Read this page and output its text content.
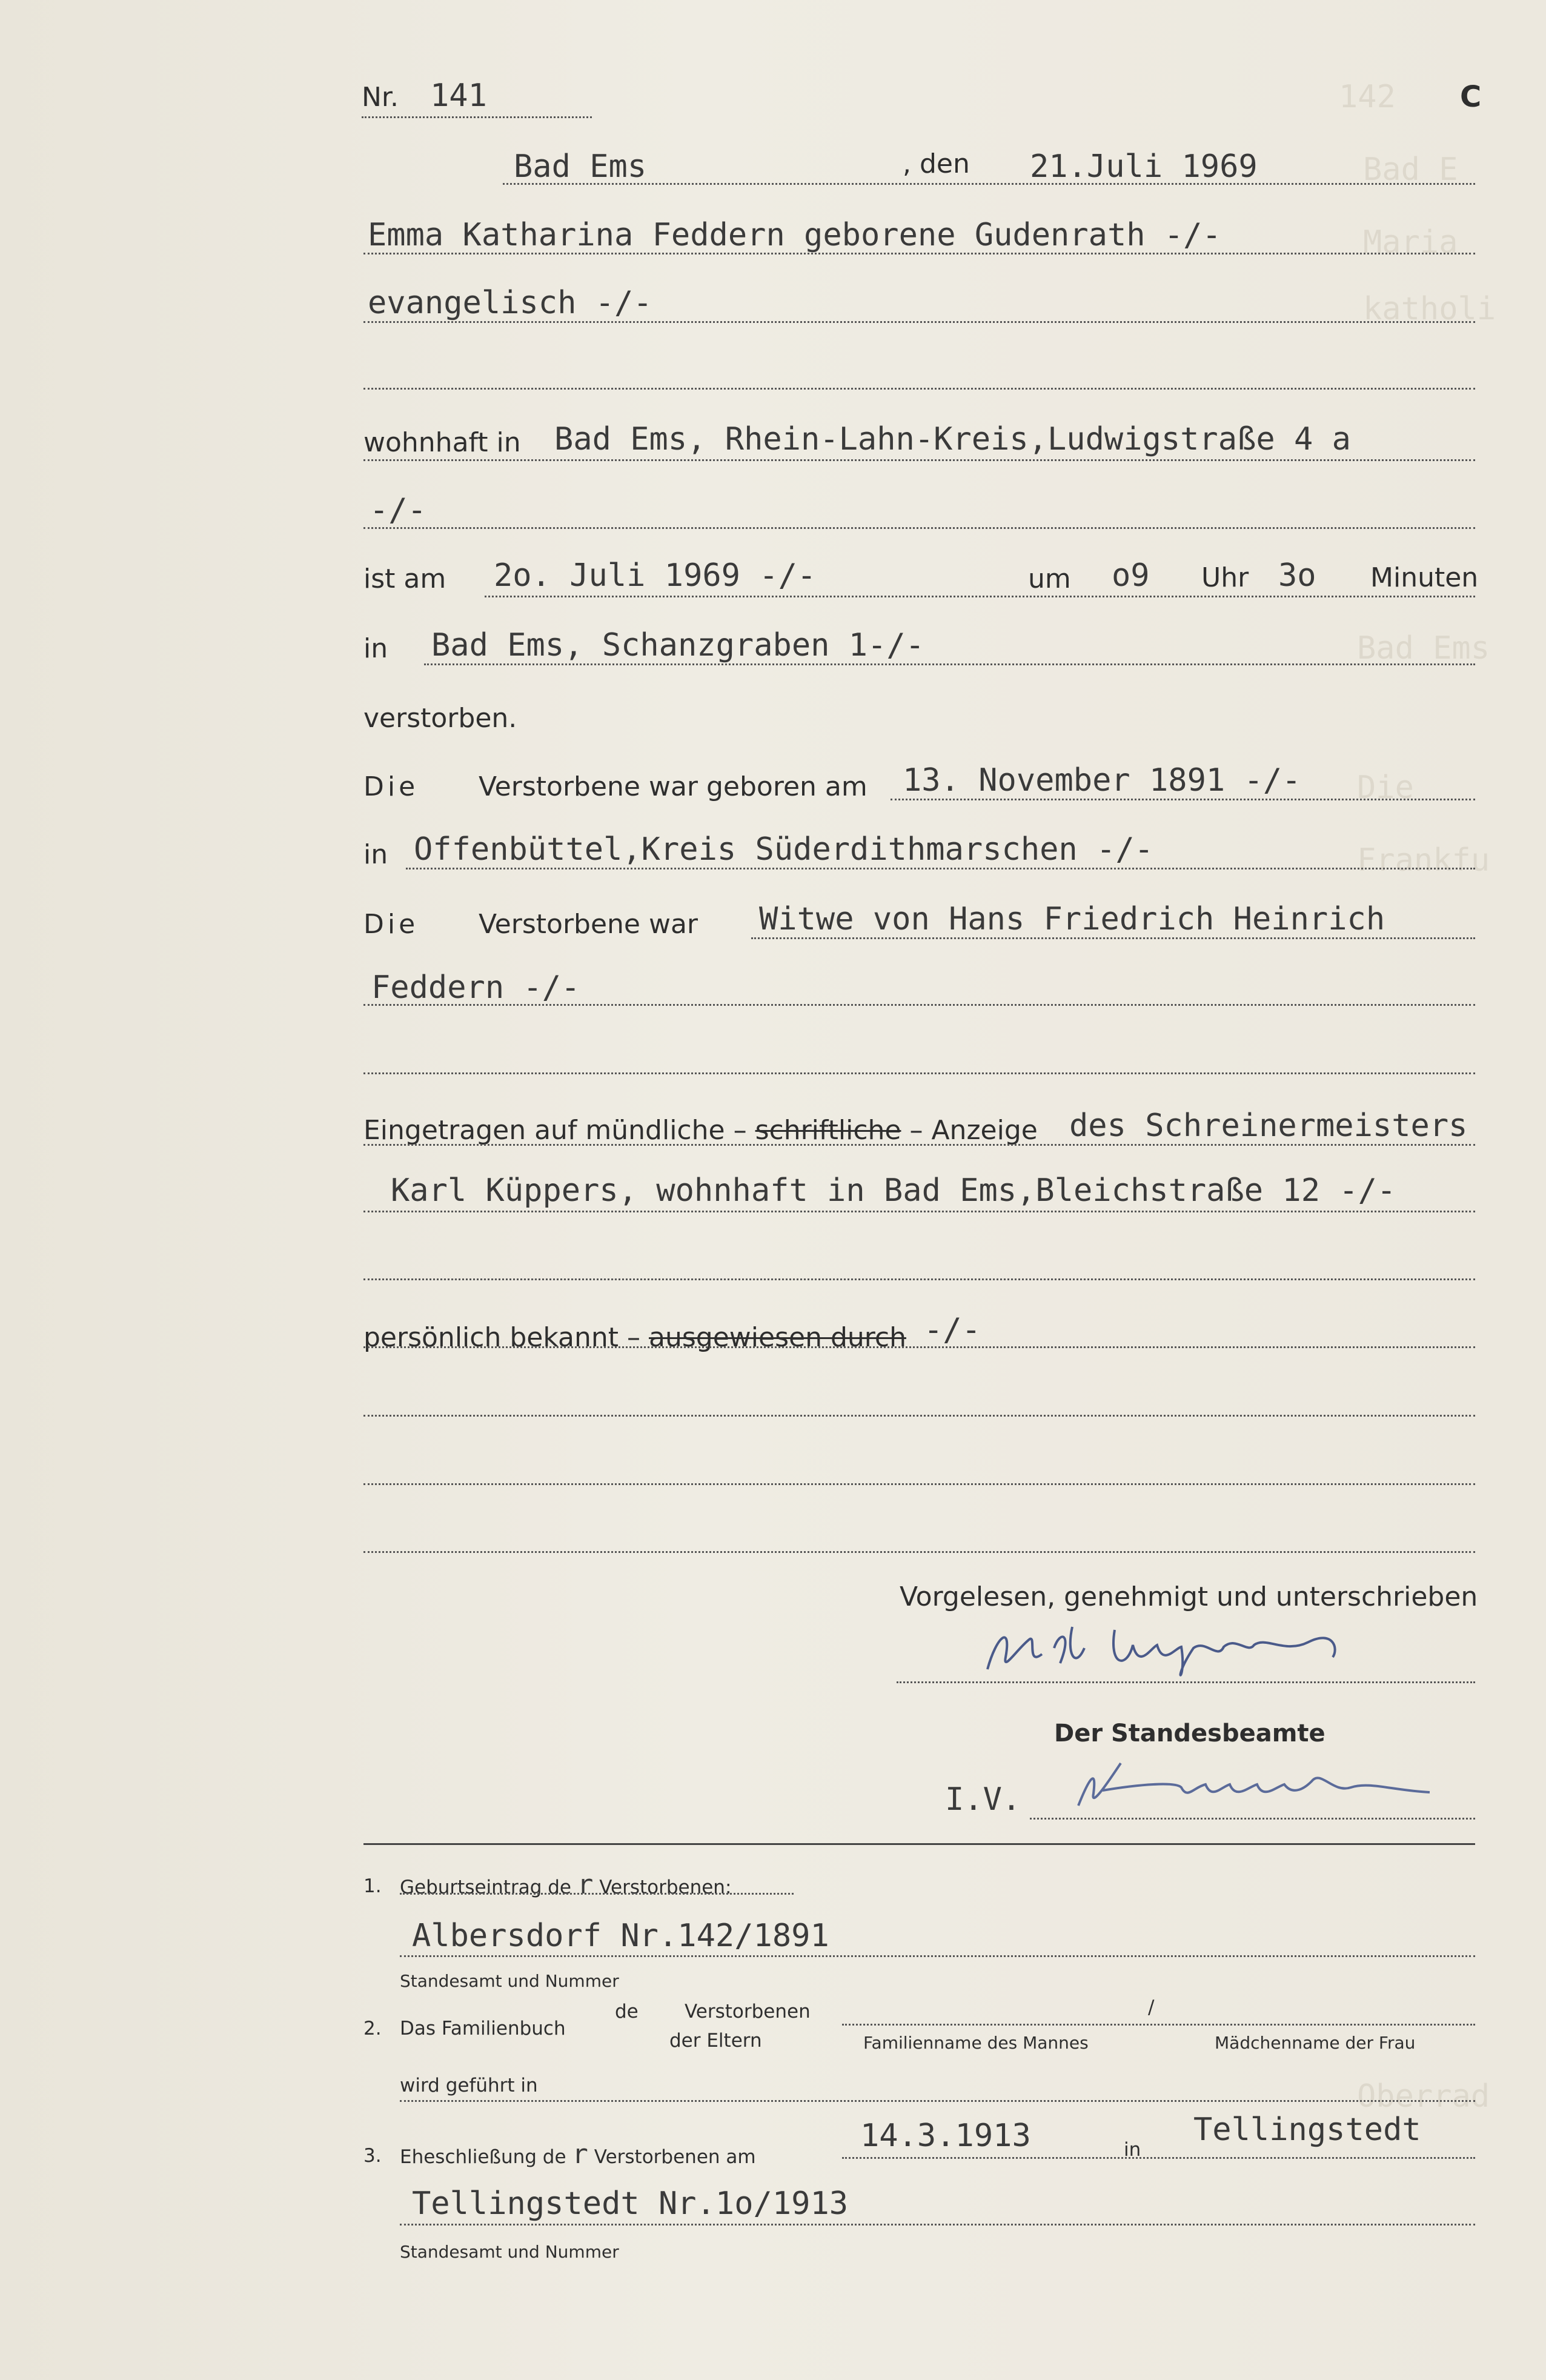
142
Bad E
Maria
katholi
Bad Ems
Die
Frankfu
Oberrad
Nr. 141	C
Bad Ems	, den 21.Juli 1969
Emma Katharina Feddern geborene Gudenrath -/-
evangelisch -/-
wohnhaft in Bad Ems, Rhein-Lahn-Kreis,Ludwigstraße 4 a
-/-
ist am 2o. Juli 1969 -/-	um o9 Uhr 3o Minuten
in Bad Ems, Schanzgraben 1-/-
verstorben.
Die Verstorbene war geboren am 13. November 1891 -/-
in Offenbüttel,Kreis Süderdithmarschen -/-
Die Verstorbene war Witwe von Hans Friedrich Heinrich
Feddern -/-
Eingetragen auf mündliche – schriftliche – Anzeige des Schreinermeisters
Karl Küppers, wohnhaft in Bad Ems,Bleichstraße 12 -/-
persönlich bekannt – ausgewiesen durch -/-
Vorgelesen, genehmigt und unterschrieben
Der Standesbeamte
I.V.
1. Geburtseintrag de r Verstorbenen:
Albersdorf Nr.142/1891
Standesamt und Nummer
2. Das Familienbuch
de Verstorbenen
der Eltern
/
Familienname des Mannes	Mädchenname der Frau
wird geführt in
3. Eheschließung de r Verstorbenen am
14.3.1913	in
Tellingstedt
Tellingstedt Nr.1o/1913
Standesamt und Nummer
